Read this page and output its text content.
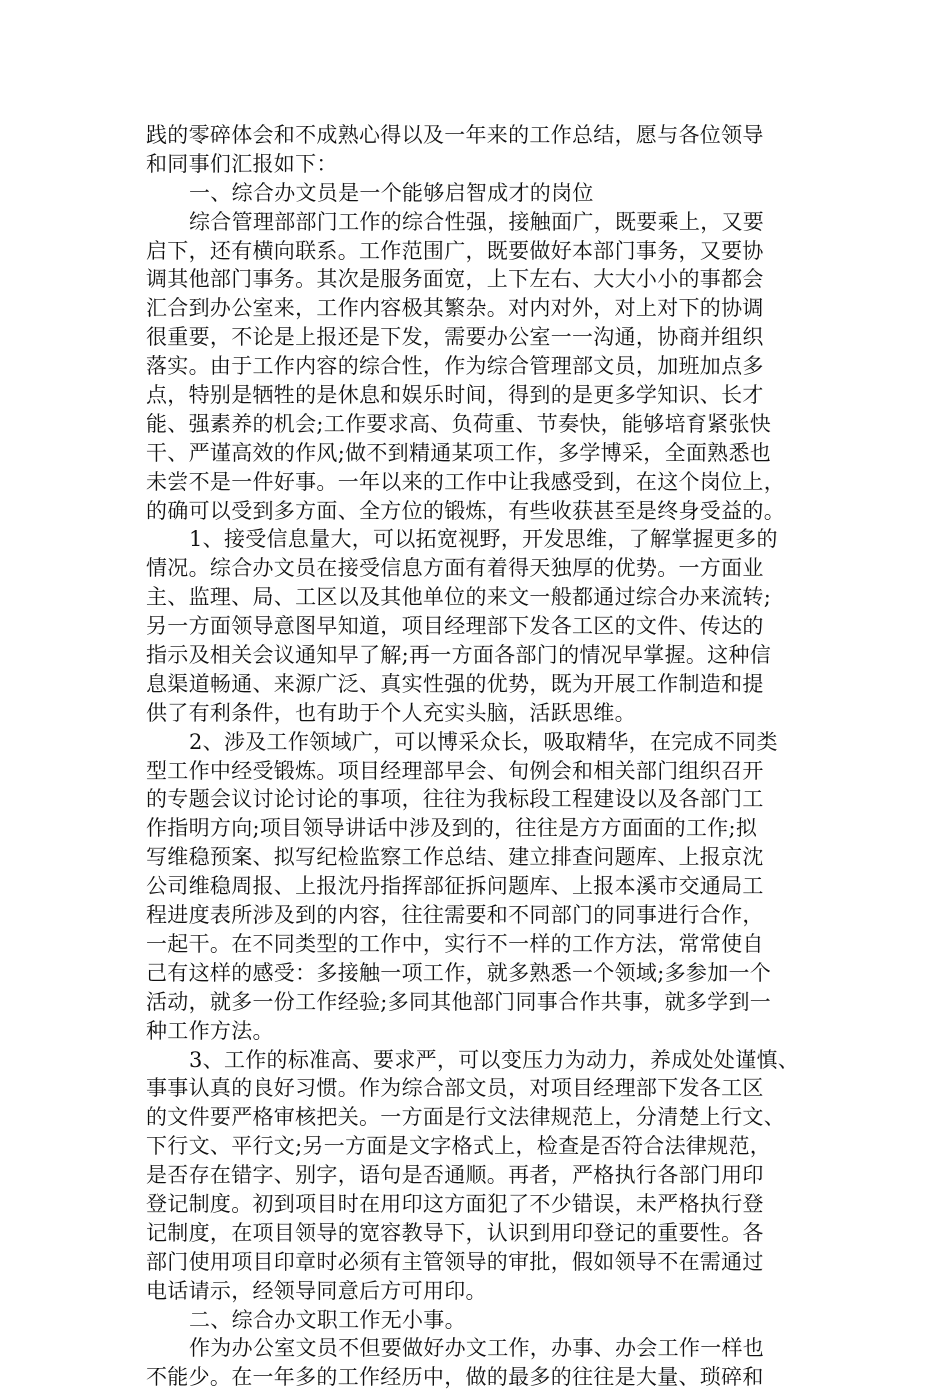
践的零碎体会和不成熟心得以及一年来的工作总结，愿与各位领导
和同事们汇报如下：
一、综合办文员是一个能够启智成才的岗位
综合管理部部门工作的综合性强，接触面广，既要乘上，又要
启下，还有横向联系。工作范围广，既要做好本部门事务，又要协
调其他部门事务。其次是服务面宽，上下左右、大大小小的事都会
汇合到办公室来，工作内容极其繁杂。对内对外，对上对下的协调
很重要，不论是上报还是下发，需要办公室一一沟通，协商并组织
落实。由于工作内容的综合性，作为综合管理部文员，加班加点多
点，特别是牺牲的是休息和娱乐时间，得到的是更多学知识、长才
能、强素养的机会;工作要求高、负荷重、节奏快，能够培育紧张快
干、严谨高效的作风;做不到精通某项工作，多学博采，全面熟悉也
未尝不是一件好事。一年以来的工作中让我感受到，在这个岗位上，
的确可以受到多方面、全方位的锻炼，有些收获甚至是终身受益的。
1、接受信息量大，可以拓宽视野，开发思维，了解掌握更多的
情况。综合办文员在接受信息方面有着得天独厚的优势。一方面业
主、监理、局、工区以及其他单位的来文一般都通过综合办来流转;
另一方面领导意图早知道，项目经理部下发各工区的文件、传达的
指示及相关会议通知早了解;再一方面各部门的情况早掌握。这种信
息渠道畅通、来源广泛、真实性强的优势，既为开展工作制造和提
供了有利条件，也有助于个人充实头脑，活跃思维。
2、涉及工作领域广，可以博采众长，吸取精华，在完成不同类
型工作中经受锻炼。项目经理部早会、旬例会和相关部门组织召开
的专题会议讨论讨论的事项，往往为我标段工程建设以及各部门工
作指明方向;项目领导讲话中涉及到的，往往是方方面面的工作;拟
写维稳预案、拟写纪检监察工作总结、建立排查问题库、上报京沈
公司维稳周报、上报沈丹指挥部征拆问题库、上报本溪市交通局工
程进度表所涉及到的内容，往往需要和不同部门的同事进行合作，
一起干。在不同类型的工作中，实行不一样的工作方法，常常使自
己有这样的感受：多接触一项工作，就多熟悉一个领域;多参加一个
活动，就多一份工作经验;多同其他部门同事合作共事，就多学到一
种工作方法。
3、工作的标准高、要求严，可以变压力为动力，养成处处谨慎、
事事认真的良好习惯。作为综合部文员，对项目经理部下发各工区
的文件要严格审核把关。一方面是行文法律规范上，分清楚上行文、
下行文、平行文;另一方面是文字格式上，检查是否符合法律规范，
是否存在错字、别字，语句是否通顺。再者，严格执行各部门用印
登记制度。初到项目时在用印这方面犯了不少错误，未严格执行登
记制度，在项目领导的宽容教导下，认识到用印登记的重要性。各
部门使用项目印章时必须有主管领导的审批，假如领导不在需通过
电话请示，经领导同意后方可用印。
二、综合办文职工作无小事。
作为办公室文员不但要做好办文工作，办事、办会工作一样也
不能少。在一年多的工作经历中，做的最多的往往是大量、琐碎和
